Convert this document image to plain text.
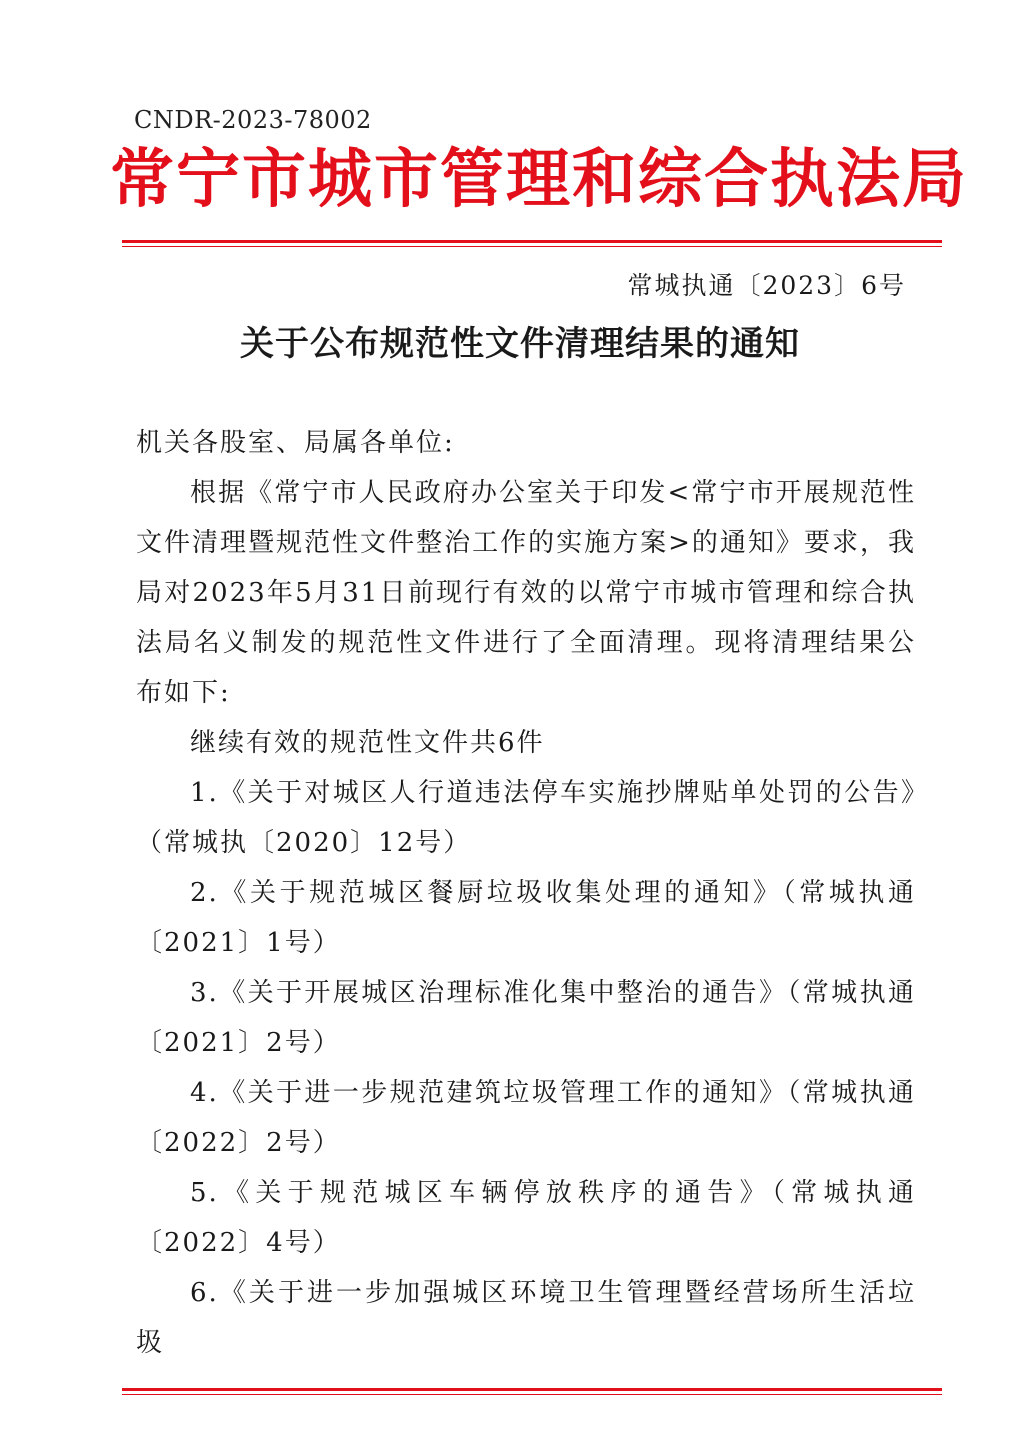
CNDR-2023-78002
常宁市城市管理和综合执法局
常城执通〔2023〕6号
关于公布规范性文件清理结果的通知

机关各股室、局属各单位:

根据《常宁市人民政府办公室关于印发<常宁市开展规范性文件清理暨规范性文件整治工作的实施方案>的通知》要求，我局对2023年5月31日前现行有效的以常宁市城市管理和综合执法局名义制发的规范性文件进行了全面清理。现将清理结果公布如下:

继续有效的规范性文件共6件

1.《关于对城区人行道违法停车实施抄牌贴单处罚的公告》（常城执〔2020〕12号）

2.《关于规范城区餐厨垃圾收集处理的通知》（常城执通〔2021〕1号）

3.《关于开展城区治理标准化集中整治的通告》（常城执通〔2021〕2号）

4.《关于进一步规范建筑垃圾管理工作的通知》（常城执通〔2022〕2号）

5.《关于规范城区车辆停放秩序的通告》（常城执通〔2022〕4号）

6.《关于进一步加强城区环境卫生管理暨经营场所生活垃圾
